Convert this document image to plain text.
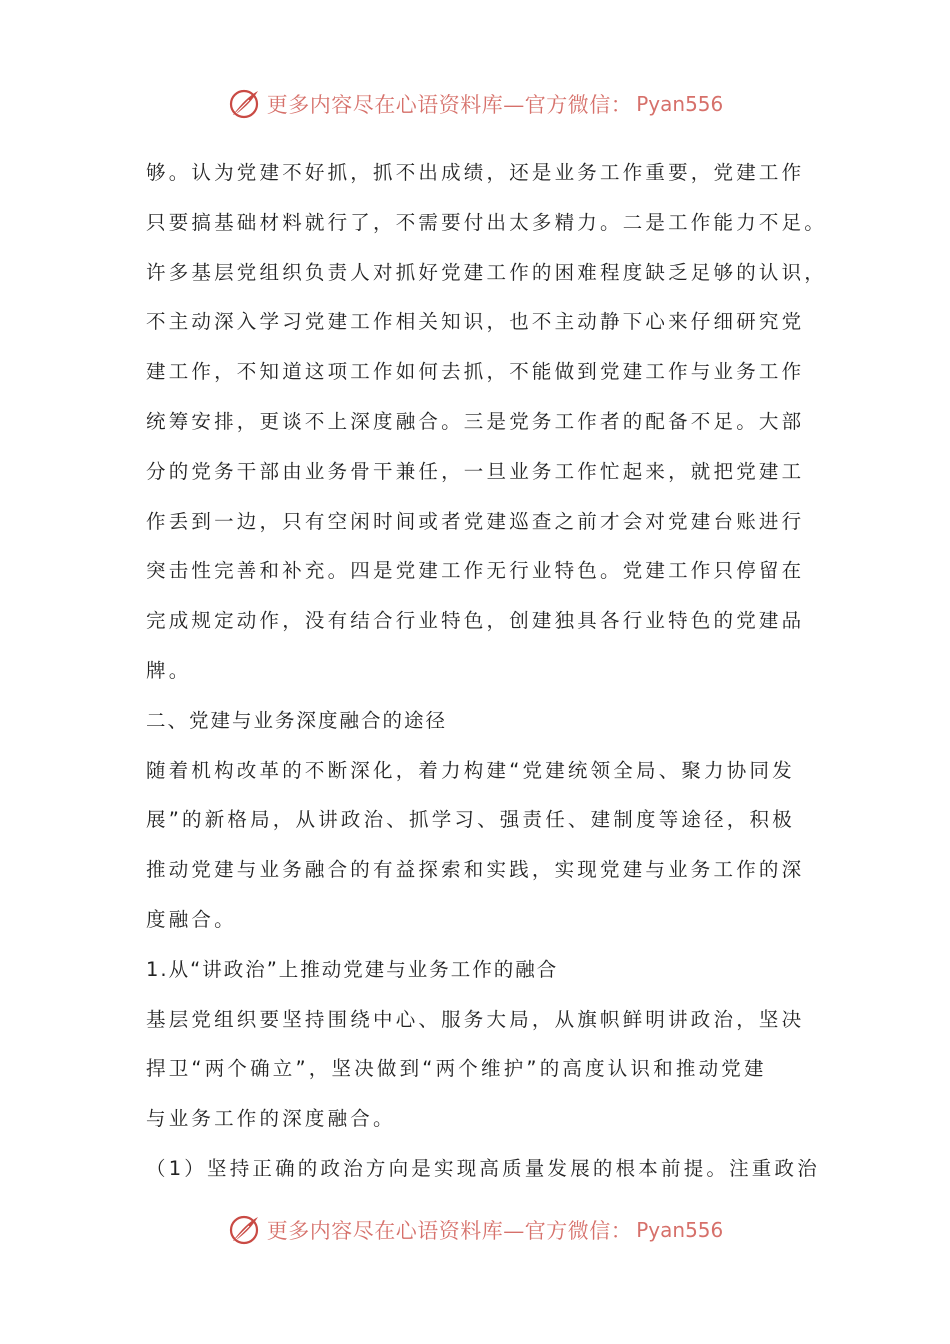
更多内容尽在心语资料库—官方微信： Pyan556

够。认为党建不好抓，抓不出成绩，还是业务工作重要，党建工作

只要搞基础材料就行了，不需要付出太多精力。二是工作能力不足。

许多基层党组织负责人对抓好党建工作的困难程度缺乏足够的认识，

不主动深入学习党建工作相关知识，也不主动静下心来仔细研究党

建工作，不知道这项工作如何去抓，不能做到党建工作与业务工作

统筹安排，更谈不上深度融合。三是党务工作者的配备不足。大部

分的党务干部由业务骨干兼任，一旦业务工作忙起来，就把党建工

作丢到一边，只有空闲时间或者党建巡查之前才会对党建台账进行

突击性完善和补充。四是党建工作无行业特色。党建工作只停留在

完成规定动作，没有结合行业特色，创建独具各行业特色的党建品

牌。

二、党建与业务深度融合的途径

随着机构改革的不断深化，着力构建“党建统领全局、聚力协同发

展”的新格局，从讲政治、抓学习、强责任、建制度等途径，积极

推动党建与业务融合的有益探索和实践，实现党建与业务工作的深

度融合。

1.从“讲政治”上推动党建与业务工作的融合

基层党组织要坚持围绕中心、服务大局，从旗帜鲜明讲政治，坚决

捍卫“两个确立”，坚决做到“两个维护”的高度认识和推动党建

与业务工作的深度融合。

（1）坚持正确的政治方向是实现高质量发展的根本前提。注重政治

更多内容尽在心语资料库—官方微信： Pyan556
